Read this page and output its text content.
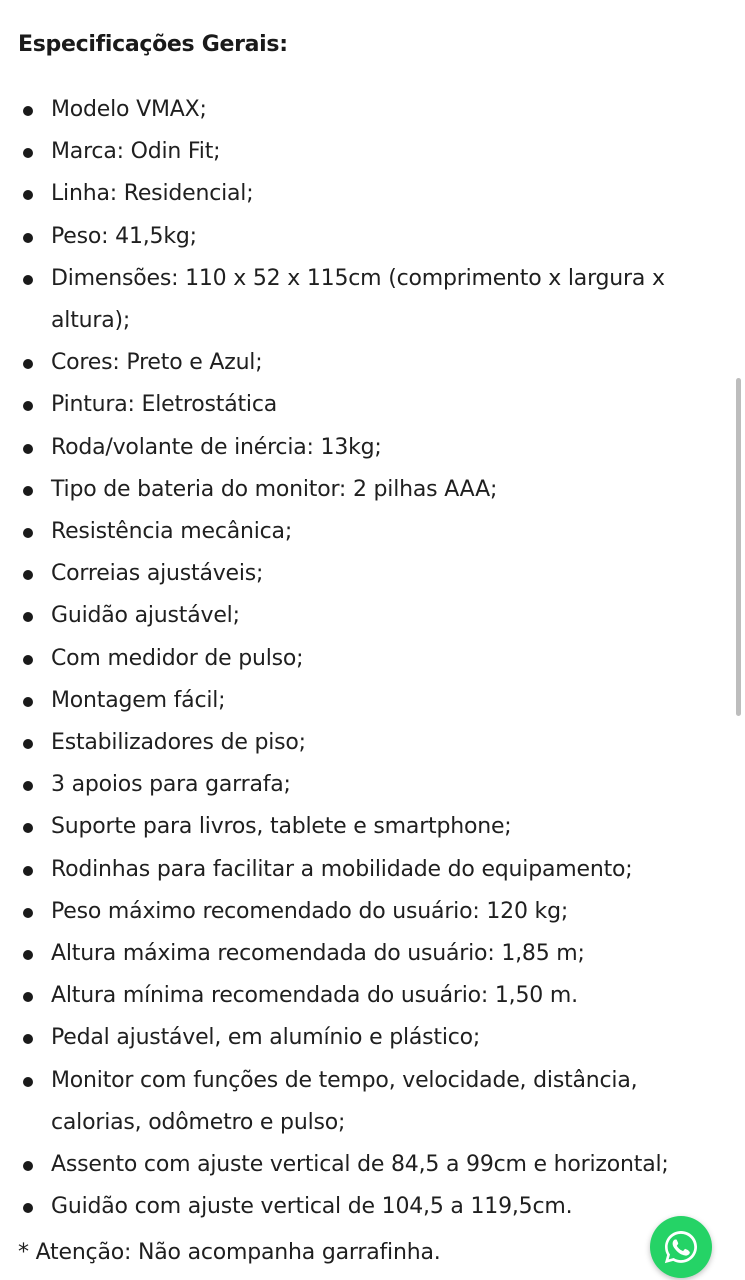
Especificações Gerais:
Modelo VMAX;
Marca: Odin Fit;
Linha: Residencial;
Peso: 41,5kg;
Dimensões: 110 x 52 x 115cm (comprimento x largura x altura);
Cores: Preto e Azul;
Pintura: Eletrostática
Roda/volante de inércia: 13kg;
Tipo de bateria do monitor: 2 pilhas AAA;
Resistência mecânica;
Correias ajustáveis;
Guidão ajustável;
Com medidor de pulso;
Montagem fácil;
Estabilizadores de piso;
3 apoios para garrafa;
Suporte para livros, tablete e smartphone;
Rodinhas para facilitar a mobilidade do equipamento;
Peso máximo recomendado do usuário: 120 kg;
Altura máxima recomendada do usuário: 1,85 m;
Altura mínima recomendada do usuário: 1,50 m.
Pedal ajustável, em alumínio e plástico;
Monitor com funções de tempo, velocidade, distância, calorias, odômetro e pulso;
Assento com ajuste vertical de 84,5 a 99cm e horizontal;
Guidão com ajuste vertical de 104,5 a 119,5cm.

* Atenção: Não acompanha garrafinha.
